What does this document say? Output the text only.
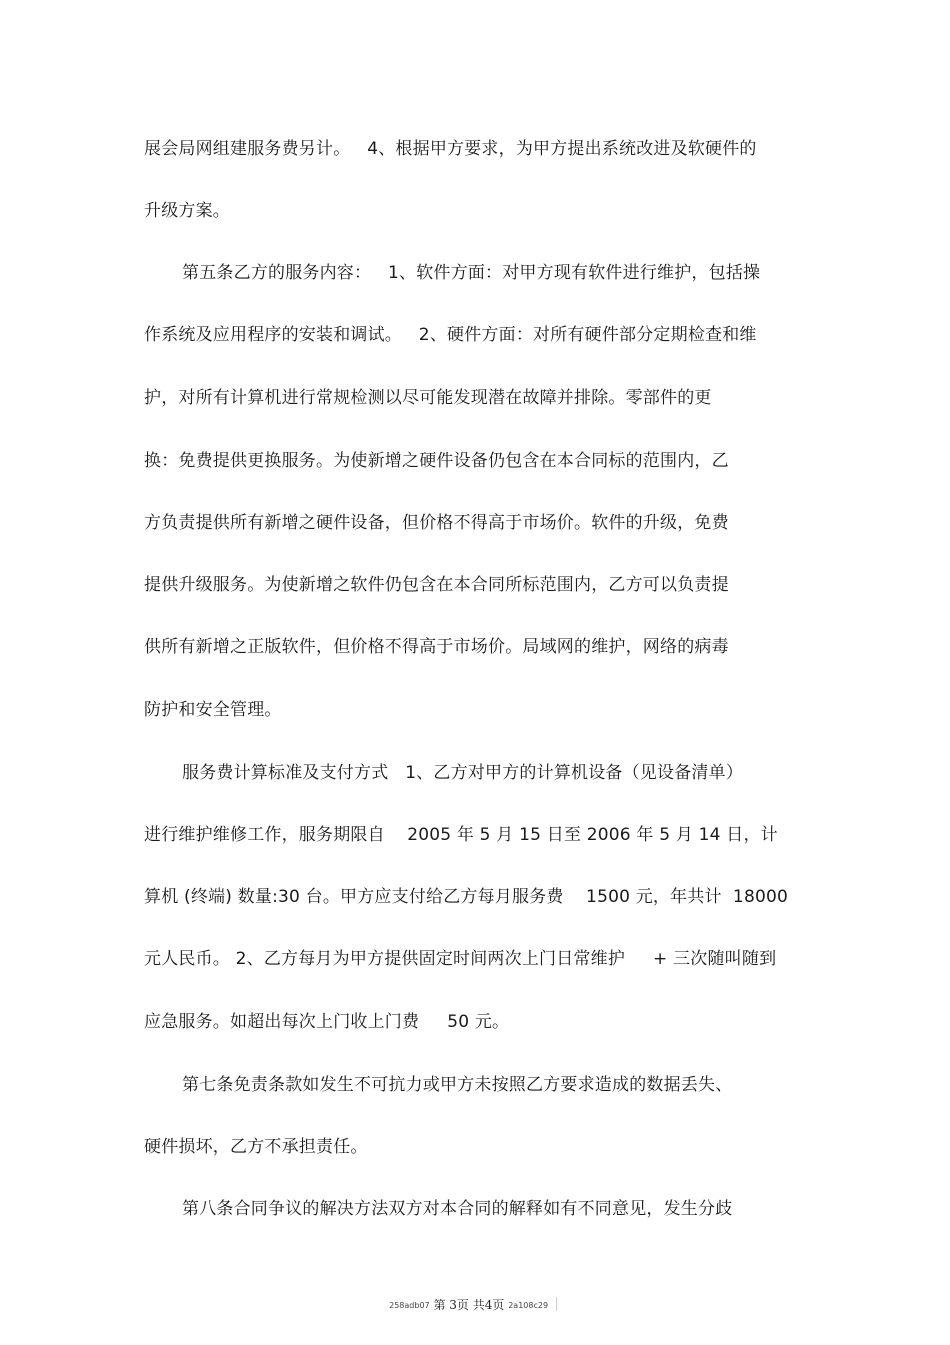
展会局网组建服务费另计。   4、根据甲方要求，为甲方提出系统改进及软硬件的
升级方案。
第五条乙方的服务内容：   1、软件方面：对甲方现有软件进行维护，包括操
作系统及应用程序的安装和调试。   2、硬件方面：对所有硬件部分定期检查和维
护，对所有计算机进行常规检测以尽可能发现潜在故障并排除。零部件的更
换：免费提供更换服务。为使新增之硬件设备仍包含在本合同标的范围内，乙
方负责提供所有新增之硬件设备，但价格不得高于市场价。软件的升级，免费
提供升级服务。为使新增之软件仍包含在本合同所标范围内，乙方可以负责提
供所有新增之正版软件，但价格不得高于市场价。局域网的维护，网络的病毒
防护和安全管理。
服务费计算标准及支付方式   1、乙方对甲方的计算机设备（见设备清单）
进行维护维修工作，服务期限自    2005 年 5 月 15 日至 2006 年 5 月 14 日，计
算机 (终端) 数量:30 台。甲方应支付给乙方每月服务费    1500 元，年共计  18000
元人民币。 2、乙方每月为甲方提供固定时间两次上门日常维护     + 三次随叫随到
应急服务。如超出每次上门收上门费     50 元。
第七条免责条款如发生不可抗力或甲方未按照乙方要求造成的数据丢失、
硬件损坏，乙方不承担责任。
第八条合同争议的解决方法双方对本合同的解释如有不同意见，发生分歧
258adb07 第 3页 共4页 2a108c29
